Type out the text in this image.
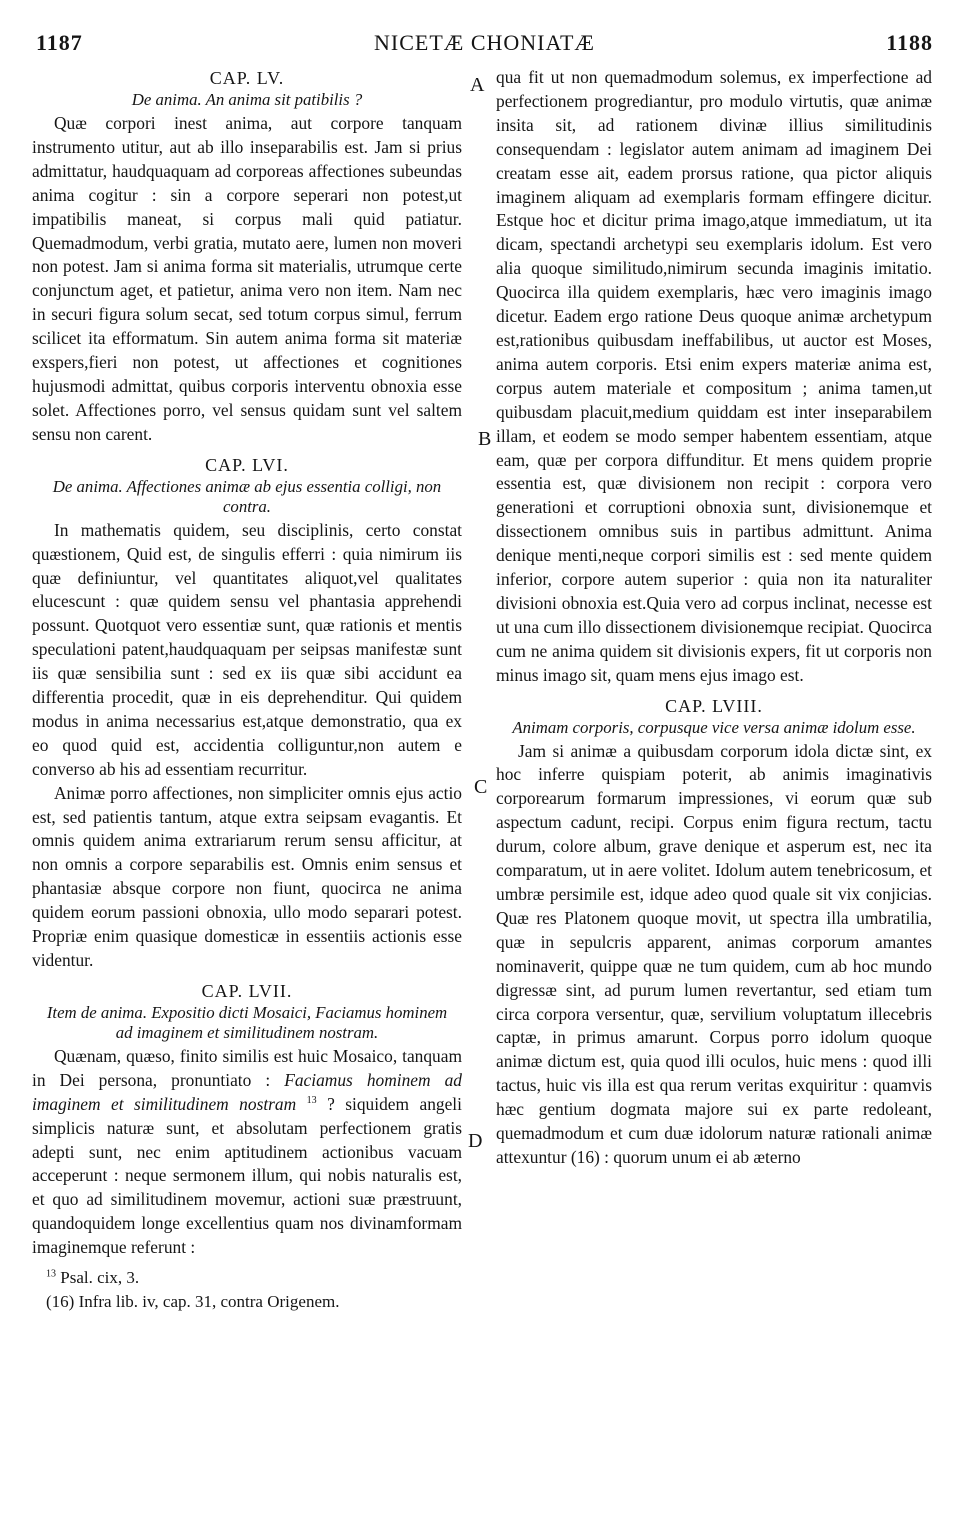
1187	NICETÆ CHONIATÆ	1188

CAP. LV.

De anima. An anima sit patibilis ?

Quæ corpori inest anima, aut corpore tanquam instrumento utitur, aut ab illo inseparabilis est. Jam si prius admittatur, haudquaquam ad corporeas affectiones subeundas anima cogitur : sin a corpore seperari non potest,ut impatibilis maneat, si corpus mali quid patiatur. Quemadmodum, verbi gratia, mutato aere, lumen non moveri non potest. Jam si anima forma sit materialis, utrumque certe conjunctum aget, et patietur, anima vero non item. Nam nec in securi figura solum secat, sed totum corpus simul, ferrum scilicet ita efformatum. Sin autem anima forma sit materiæ exspers,fieri non potest, ut affectiones et cognitiones hujusmodi admittat, quibus corporis interventu obnoxia esse solet. Affectiones porro, vel sensus quidam sunt vel saltem sensu non carent.

CAP. LVI.

De anima. Affectiones animæ ab ejus essentia colligi, non contra.

In mathematis quidem, seu disciplinis, certo constat quæstionem, Quid est, de singulis efferri : quia nimirum iis quæ definiuntur, vel quantitates aliquot,vel qualitates elucescunt : quæ quidem sensu vel phantasia apprehendi possunt. Quotquot vero essentiæ sunt, quæ rationis et mentis speculationi patent,haudquaquam per seipsas manifestæ sunt iis quæ sensibilia sunt : sed ex iis quæ sibi accidunt ea differentia procedit, quæ in eis deprehenditur. Qui quidem modus in anima necessarius est,atque demonstratio, qua ex eo quod quid est, accidentia colliguntur,non autem e converso ab his ad essentiam recurritur.

Animæ porro affectiones, non simpliciter omnis ejus actio est, sed patientis tantum, atque extra seipsam evagantis. Et omnis quidem anima extrariarum rerum sensu afficitur, at non omnis a corpore separabilis est. Omnis enim sensus et phantasiæ absque corpore non fiunt, quocirca ne anima quidem eorum passioni obnoxia, ullo modo separari potest. Propriæ enim quasique domesticæ in essentiis actionis esse videntur.

CAP. LVII.

Item de anima. Expositio dicti Mosaici, Faciamus hominem ad imaginem et similitudinem nostram.

Quænam, quæso, finito similis est huic Mosaico, tanquam in Dei persona, pronuntiato : Faciamus hominem ad imaginem et similitudinem nostram $^{13}$ ? siquidem angeli simplicis naturæ sunt, et absolutam perfectionem gratis adepti sunt, nec enim aptitudinem actionibus vacuam acceperunt : neque sermonem illum, qui nobis naturalis est, et quo ad similitudinem movemur, actioni suæ præstruunt, quandoquidem longe excellentius quam nos divinamformam imaginemque referunt :

$^{13}$ Psal. cix, 3.
(16) Infra lib. iv, cap. 31, contra Origenem.
A
B
C
D

qua fit ut non quemadmodum solemus, ex imperfectione ad perfectionem progrediantur, pro modulo virtutis, quæ animæ insita sit, ad rationem divinæ illius similitudinis consequendam : legislator autem animam ad imaginem Dei creatam esse ait, eadem prorsus ratione, qua pictor aliquis imaginem aliquam ad exemplaris formam effingere dicitur. Estque hoc et dicitur prima imago,atque immediatum, ut ita dicam, spectandi archetypi seu exemplaris idolum. Est vero alia quoque similitudo,nimirum secunda imaginis imitatio. Quocirca illa quidem exemplaris, hæc vero imaginis imago dicetur. Eadem ergo ratione Deus quoque animæ archetypum est,rationibus quibusdam ineffabilibus, ut auctor est Moses, anima autem corporis. Etsi enim expers materiæ anima est, corpus autem materiale et compositum ; anima tamen,ut quibusdam placuit,medium quiddam est inter inseparabilem illam, et eodem se modo semper habentem essentiam, atque eam, quæ per corpora diffunditur. Et mens quidem proprie essentia est, quæ divisionem non recipit : corpora vero generationi et corruptioni obnoxia sunt, divisionemque et dissectionem omnibus suis in partibus admittunt. Anima denique menti,neque corpori similis est : sed mente quidem inferior, corpore autem superior : quia non ita naturaliter divisioni obnoxia est.Quia vero ad corpus inclinat, necesse est ut una cum illo dissectionem divisionemque recipiat. Quocirca cum ne anima quidem sit divisionis expers, fit ut corporis non minus imago sit, quam mens ejus imago est.

CAP. LVIII.

Animam corporis, corpusque vice versa animæ idolum esse.

Jam si animæ a quibusdam corporum idola dictæ sint, ex hoc inferre quispiam poterit, ab animis imaginativis corporearum formarum impressiones, vi eorum quæ sub aspectum cadunt, recipi. Corpus enim figura rectum, tactu durum, colore album, grave denique et asperum est, nec ita comparatum, ut in aere volitet. Idolum autem tenebricosum, et umbræ persimile est, idque adeo quod quale sit vix conjicias. Quæ res Platonem quoque movit, ut spectra illa umbratilia, quæ in sepulcris apparent, animas corporum amantes nominaverit, quippe quæ ne tum quidem, cum ab hoc mundo digressæ sint, ad purum lumen revertantur, sed etiam tum circa corpora versentur, quæ, servilium voluptatum illecebris captæ, in primus amarunt. Corpus porro idolum quoque animæ dictum est, quia quod illi oculos, huic mens : quod illi tactus, huic vis illa est qua rerum veritas exquiritur : quamvis hæc gentium dogmata majore sui ex parte redoleant, quemadmodum et cum duæ idolorum naturæ rationali animæ attexuntur (16) : quorum unum ei ab æterno
